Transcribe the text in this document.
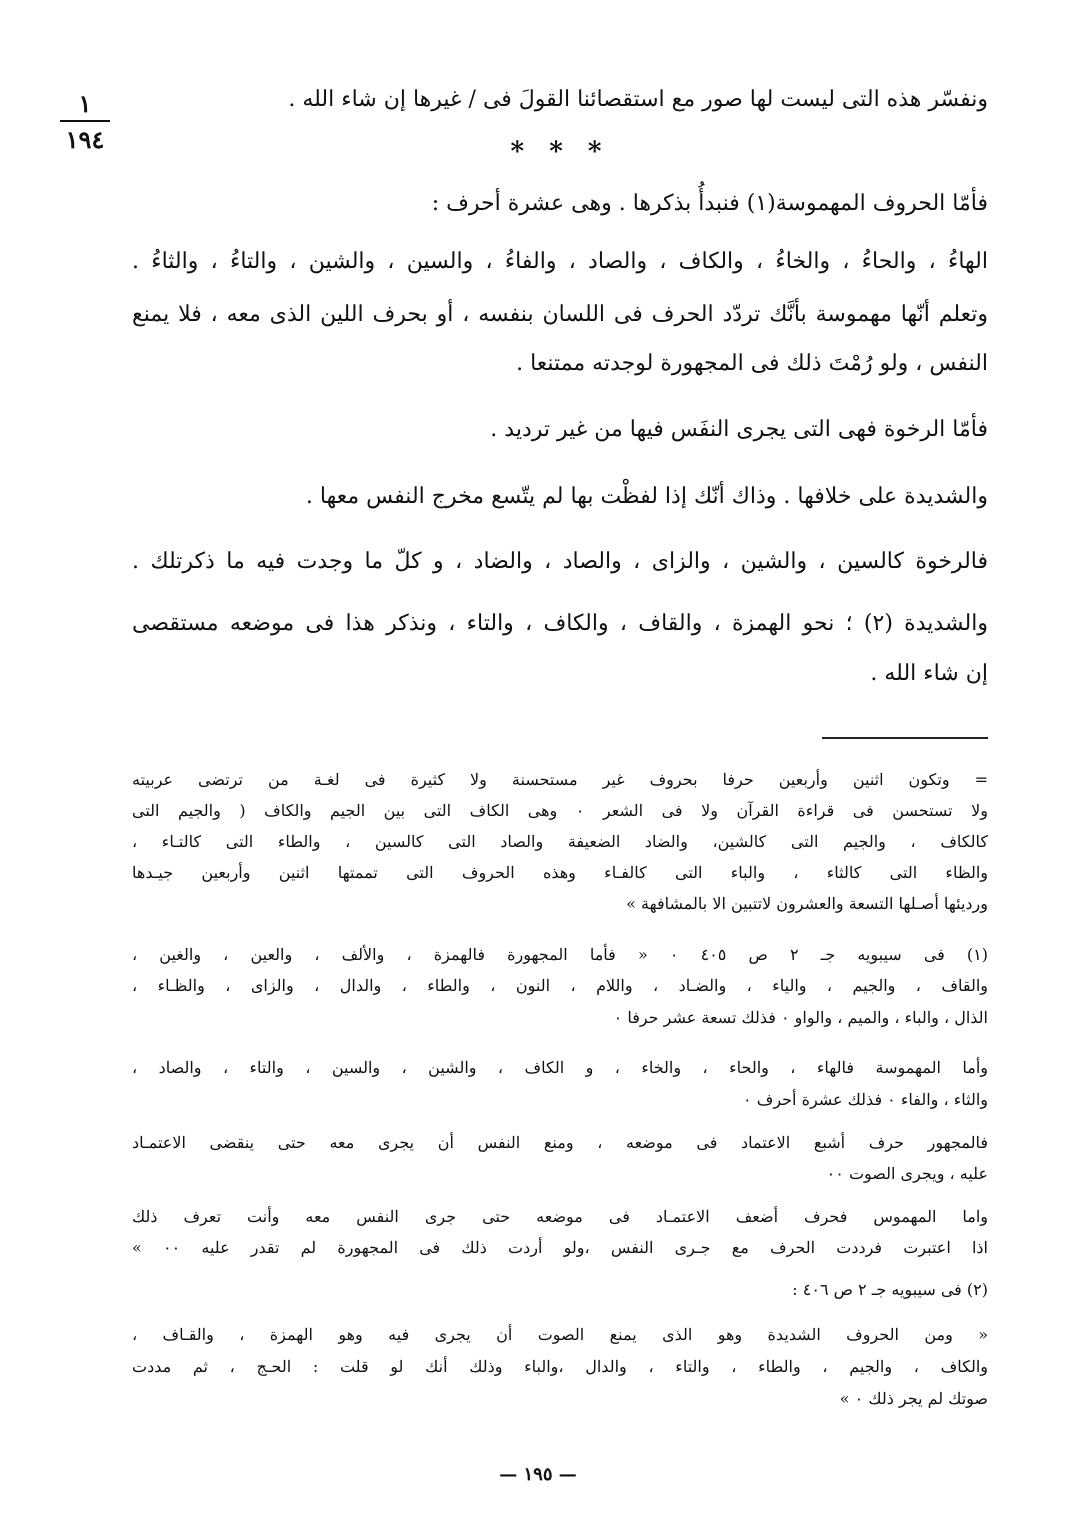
١
١٩٤
ونفسّر هذه التى ليست لها صور مع استقصائنا القولَ فى / غيرها إن شاء الله .
* * *
فأمّا الحروف المهموسة(١) فنبدأُ بذكرها . وهى عشرة أحرف :
الهاءُ ، والحاءُ ، والخاءُ ، والكاف ، والصاد ، والفاءُ ، والسين ، والشين ، والتاءُ ، والثاءُ .
وتعلم أنّها مهموسة بأنَّك تردّد الحرف فى اللسان بنفسه ، أو بحرف اللين الذى معه ، فلا يمنع
النفس ، ولو رُمْتَ ذلك فى المجهورة لوجدته ممتنعا .
فأمّا الرخوة فهى التى يجرى النفَس فيها من غير ترديد .
والشديدة على خلافها . وذاك أنّك إذا لفظْت بها لم يتّسع مخرج النفس معها .
فالرخوة كالسين ، والشين ، والزاى ، والصاد ، والضاد ، و كلّ ما وجدت فيه ما ذكرتلك .
والشديدة (٢) ؛ نحو الهمزة ، والقاف ، والكاف ، والتاء ، ونذكر هذا فى موضعه مستقصى
إن شاء الله .
= وتكون اثنين وأربعين حرفا بحروف غير مستحسنة ولا كثيرة فى لغـة من ترتضى عربيته
ولا تستحسن فى قراءة القرآن ولا فى الشعر ٠ وهى الكاف التى بين الجيم والكاف ( والجيم التى
كالكاف ، والجيم التى كالشين، والضاد الضعيفة والصاد التى كالسين ، والطاء التى كالتـاء ،
والظاء التى كالثاء ، والباء التى كالفـاء وهذه الحروف التى تممتها اثنين وأربعين جيـدها
ورديئها أصـلها التسعة والعشرون لاتتبين الا بالمشافهة »
(١) فى سيبويه جـ ٢ ص ٤٠٥ ٠ « فأما المجهورة فالهمزة ، والألف ، والعين ، والغين ،
والقاف ، والجيم ، والياء ، والضـاد ، واللام ، النون ، والطاء ، والدال ، والزاى ، والظـاء ،
الذال ، والباء ، والميم ، والواو ٠ فذلك تسعة عشر حرفا ٠
وأما المهموسة فالهاء ، والحاء ، والخاء ، و الكاف ، والشين ، والسين ، والتاء ، والصاد ،
والثاء ، والفاء ٠ فذلك عشرة أحرف ٠
فالمجهور حرف أشبع الاعتماد فى موضعه ، ومنع النفس أن يجرى معه حتى ينقضى الاعتمـاد
عليه ، ويجرى الصوت ٠٠
واما المهموس فحرف أضعف الاعتمـاد فى موضعه حتى جرى النفس معه وأنت تعرف ذلك
اذا اعتبرت فرددت الحرف مع جـرى النفس ،ولو أردت ذلك فى المجهورة لم تقدر عليه ٠٠ »
(٢) فى سيبويه جـ ٢ ص ٤٠٦ :
« ومن الحروف الشديدة وهو الذى يمنع الصوت أن يجرى فيه وهو الهمزة ، والقـاف ،
والكاف ، والجيم ، والطاء ، والتاء ، والدال ،والباء وذلك أنك لو قلت : الحـج ، ثم مددت
صوتك لم يجر ذلك ٠ »
— ١٩٥ —
